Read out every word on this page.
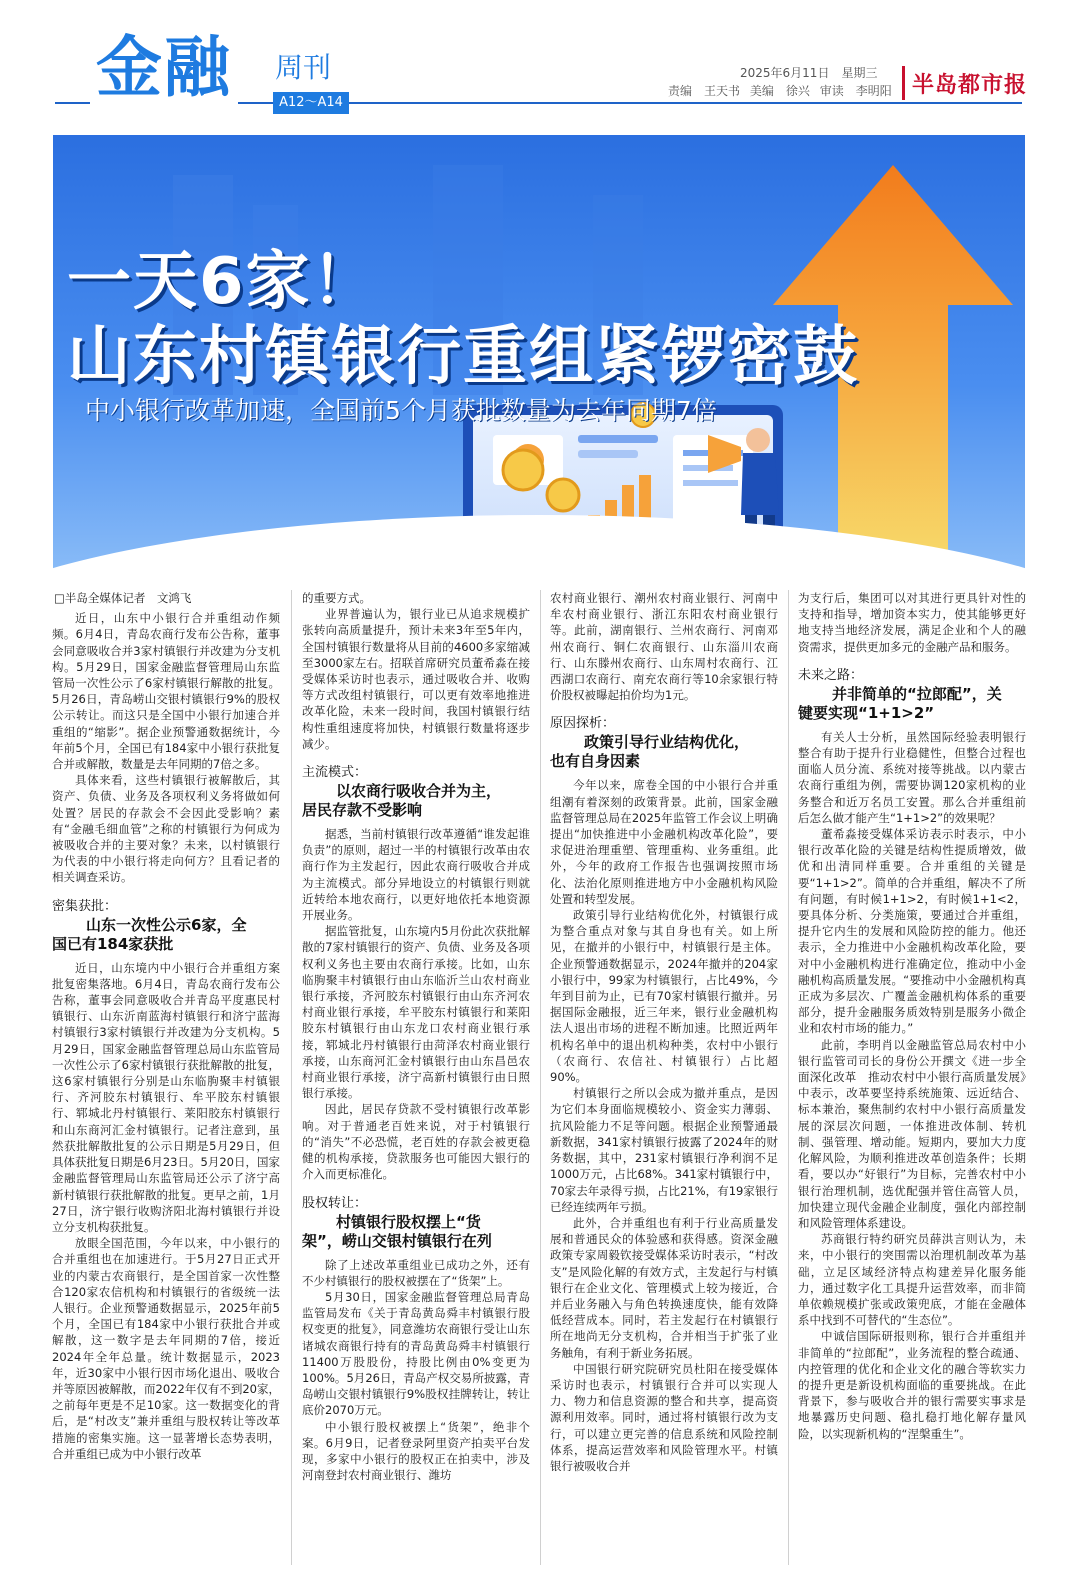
金融 周刊
A12～A14
2025年6月11日　星期三
责编　王天书 美编　徐兴 审读　李明阳 半岛都市报
一天6家！
山东村镇银行重组紧锣密鼓
中小银行改革加速，全国前5个月获批数量为去年同期7倍
□半岛全媒体记者　文鸿飞

近日，山东中小银行合并重组动作频频。6月4日，青岛农商行发布公告称，董事会同意吸收合并3家村镇银行并改建为分支机构。5月29日，国家金融监督管理局山东监管局一次性公示了6家村镇银行解散的批复。5月26日，青岛崂山交银村镇银行9%的股权公示转让。而这只是全国中小银行加速合并重组的“缩影”。据企业预警通数据统计，今年前5个月，全国已有184家中小银行获批复合并或解散，数量是去年同期的7倍之多。

具体来看，这些村镇银行被解散后，其资产、负债、业务及各项权利义务将做如何处置？居民的存款会不会因此受影响？素有“金融毛细血管”之称的村镇银行为何成为被吸收合并的主要对象？未来，以村镇银行为代表的中小银行将走向何方？且看记者的相关调查采访。

密集获批：
山东一次性公示6家，全
国已有184家获批

近日，山东境内中小银行合并重组方案批复密集落地。6月4日，青岛农商行发布公告称，董事会同意吸收合并青岛平度惠民村镇银行、山东沂南蓝海村镇银行和济宁蓝海村镇银行3家村镇银行并改建为分支机构。5月29日，国家金融监督管理总局山东监管局一次性公示了6家村镇银行获批解散的批复，这6家村镇银行分别是山东临朐聚丰村镇银行、齐河胶东村镇银行、牟平胶东村镇银行、郓城北丹村镇银行、莱阳胶东村镇银行和山东商河汇金村镇银行。记者注意到，虽然获批解散批复的公示日期是5月29日，但具体获批复日期是6月23日。5月20日，国家金融监督管理局山东监管局还公示了济宁高新村镇银行获批解散的批复。更早之前，1月27日，济宁银行收购济阳北海村镇银行并设立分支机构获批复。

放眼全国范围，今年以来，中小银行的合并重组也在加速进行。于5月27日正式开业的内蒙古农商银行，是全国首家一次性整合120家农信机构和村镇银行的省级统一法人银行。企业预警通数据显示，2025年前5个月，全国已有184家中小银行获批合并或解散，这一数字是去年同期的7倍，接近2024年全年总量。统计数据显示，2023年，近30家中小银行因市场化退出、吸收合并等原因被解散，而2022年仅有不到20家，之前每年更是不足10家。这一数据变化的背后，是“村改支”兼并重组与股权转让等改革措施的密集实施。这一显著增长态势表明，合并重组已成为中小银行改革

的重要方式。

业界普遍认为，银行业已从追求规模扩张转向高质量提升，预计未来3年至5年内，全国村镇银行数量将从目前的4600多家缩减至3000家左右。招联首席研究员董希淼在接受媒体采访时也表示，通过吸收合并、收购等方式改组村镇银行，可以更有效率地推进改革化险，未来一段时间，我国村镇银行结构性重组速度将加快，村镇银行数量将逐步减少。

主流模式：
以农商行吸收合并为主，
居民存款不受影响

据悉，当前村镇银行改革遵循“谁发起谁负责”的原则，超过一半的村镇银行改革由农商行作为主发起行，因此农商行吸收合并成为主流模式。部分异地设立的村镇银行则就近转给本地农商行，以更好地依托本地资源开展业务。

据监管批复，山东境内5月份此次获批解散的7家村镇银行的资产、负债、业务及各项权利义务也主要由农商行承接。比如，山东临朐聚丰村镇银行由山东临沂兰山农村商业银行承接，齐河胶东村镇银行由山东齐河农村商业银行承接，牟平胶东村镇银行和莱阳胶东村镇银行由山东龙口农村商业银行承接，郓城北丹村镇银行由菏泽农村商业银行承接，山东商河汇金村镇银行由山东昌邑农村商业银行承接，济宁高新村镇银行由日照银行承接。

因此，居民存贷款不受村镇银行改革影响。对于普通老百姓来说，对于村镇银行的“消失”不必恐慌，老百姓的存款会被更稳健的机构承接，贷款服务也可能因大银行的介入而更标准化。

股权转让：
村镇银行股权摆上“货
架”，崂山交银村镇银行在列

除了上述改革重组业已成功之外，还有不少村镇银行的股权被摆在了“货架”上。

5月30日，国家金融监督管理总局青岛监管局发布《关于青岛黄岛舜丰村镇银行股权变更的批复》，同意潍坊农商银行受让山东诸城农商银行持有的青岛黄岛舜丰村镇银行11400万股股份，持股比例由0%变更为100%。5月26日，青岛产权交易所披露，青岛崂山交银村镇银行9%股权挂牌转让，转让底价2070万元。

中小银行股权被摆上“货架”，绝非个案。6月9日，记者登录阿里资产拍卖平台发现，多家中小银行的股权正在拍卖中，涉及河南登封农村商业银行、潍坊

农村商业银行、潮州农村商业银行、河南中牟农村商业银行、浙江东阳农村商业银行等。此前，湖南银行、兰州农商行、河南邓州农商行、铜仁农商银行、山东淄川农商行、山东滕州农商行、山东周村农商行、江西湖口农商行、南充农商行等10余家银行特价股权被曝起拍价均为1元。

原因探析：
政策引导行业结构优化，
也有自身因素

今年以来，席卷全国的中小银行合并重组潮有着深刻的政策背景。此前，国家金融监督管理总局在2025年监管工作会议上明确提出“加快推进中小金融机构改革化险”，要求促进治理重塑、管理重构、业务重组。此外，今年的政府工作报告也强调按照市场化、法治化原则推进地方中小金融机构风险处置和转型发展。

政策引导行业结构优化外，村镇银行成为整合重点对象与其自身也有关。如上所见，在撤并的小银行中，村镇银行是主体。企业预警通数据显示，2024年撤并的204家小银行中，99家为村镇银行，占比49%，今年到目前为止，已有70家村镇银行撤并。另据国际金融报，近三年来，银行业金融机构法人退出市场的进程不断加速。比照近两年机构名单中的退出机构种类，农村中小银行（农商行、农信社、村镇银行）占比超90%。

村镇银行之所以会成为撤并重点，是因为它们本身面临规模较小、资金实力薄弱、抗风险能力不足等问题。根据企业预警通最新数据，341家村镇银行披露了2024年的财务数据，其中，231家村镇银行净利润不足1000万元，占比68%。341家村镇银行中，70家去年录得亏损，占比21%，有19家银行已经连续两年亏损。

此外，合并重组也有利于行业高质量发展和普通民众的体验感和获得感。资深金融政策专家周毅钦接受媒体采访时表示，“村改支”是风险化解的有效方式，主发起行与村镇银行在企业文化、管理模式上较为接近，合并后业务融入与角色转换速度快，能有效降低经营成本。同时，若主发起行在村镇银行所在地尚无分支机构，合并相当于扩张了业务触角，有利于新业务拓展。

中国银行研究院研究员杜阳在接受媒体采访时也表示，村镇银行合并可以实现人力、物力和信息资源的整合和共享，提高资源利用效率。同时，通过将村镇银行改为支行，可以建立更完善的信息系统和风险控制体系，提高运营效率和风险管理水平。村镇银行被吸收合并

为支行后，集团可以对其进行更具针对性的支持和指导，增加资本实力，使其能够更好地支持当地经济发展，满足企业和个人的融资需求，提供更加多元的金融产品和服务。

未来之路：
并非简单的“拉郎配”，关
键要实现“1+1>2”

有关人士分析，虽然国际经验表明银行整合有助于提升行业稳健性，但整合过程也面临人员分流、系统对接等挑战。以内蒙古农商行重组为例，需要协调120家机构的业务整合和近万名员工安置。那么合并重组前后怎么做才能产生“1+1>2”的效果呢？

董希淼接受媒体采访表示时表示，中小银行改革化险的关键是结构性提质增效，做优和出清同样重要。合并重组的关键是要“1+1>2”。简单的合并重组，解决不了所有问题，有时候1+1>2，有时候1+1<2，要具体分析、分类施策，要通过合并重组，提升它内生的发展和风险防控的能力。他还表示，全力推进中小金融机构改革化险，要对中小金融机构进行准确定位，推动中小金融机构高质量发展。“要推动中小金融机构真正成为多层次、广覆盖金融机构体系的重要部分，提升金融服务质效特别是服务小微企业和农村市场的能力。”

此前，李明肖以金融监管总局农村中小银行监管司司长的身份公开撰文《进一步全面深化改革　推动农村中小银行高质量发展》中表示，改革要坚持系统施策、远近结合、标本兼治，聚焦制约农村中小银行高质量发展的深层次问题，一体推进改体制、转机制、强管理、增动能。短期内，要加大力度化解风险，为顺利推进改革创造条件；长期看，要以办“好银行”为目标，完善农村中小银行治理机制，选优配强并管住高管人员，加快建立现代金融企业制度，强化内部控制和风险管理体系建设。

苏商银行特约研究员薛洪言则认为，未来，中小银行的突围需以治理机制改革为基础，立足区域经济特点构建差异化服务能力，通过数字化工具提升运营效率，而非简单依赖规模扩张或政策兜底，才能在金融体系中找到不可替代的“生态位”。

中诚信国际研报则称，银行合并重组并非简单的“拉郎配”，业务流程的整合疏通、内控管理的优化和企业文化的融合等软实力的提升更是新设机构面临的重要挑战。在此背景下，参与吸收合并的银行需要实事求是地暴露历史问题、稳扎稳打地化解存量风险，以实现新机构的“涅槃重生”。
